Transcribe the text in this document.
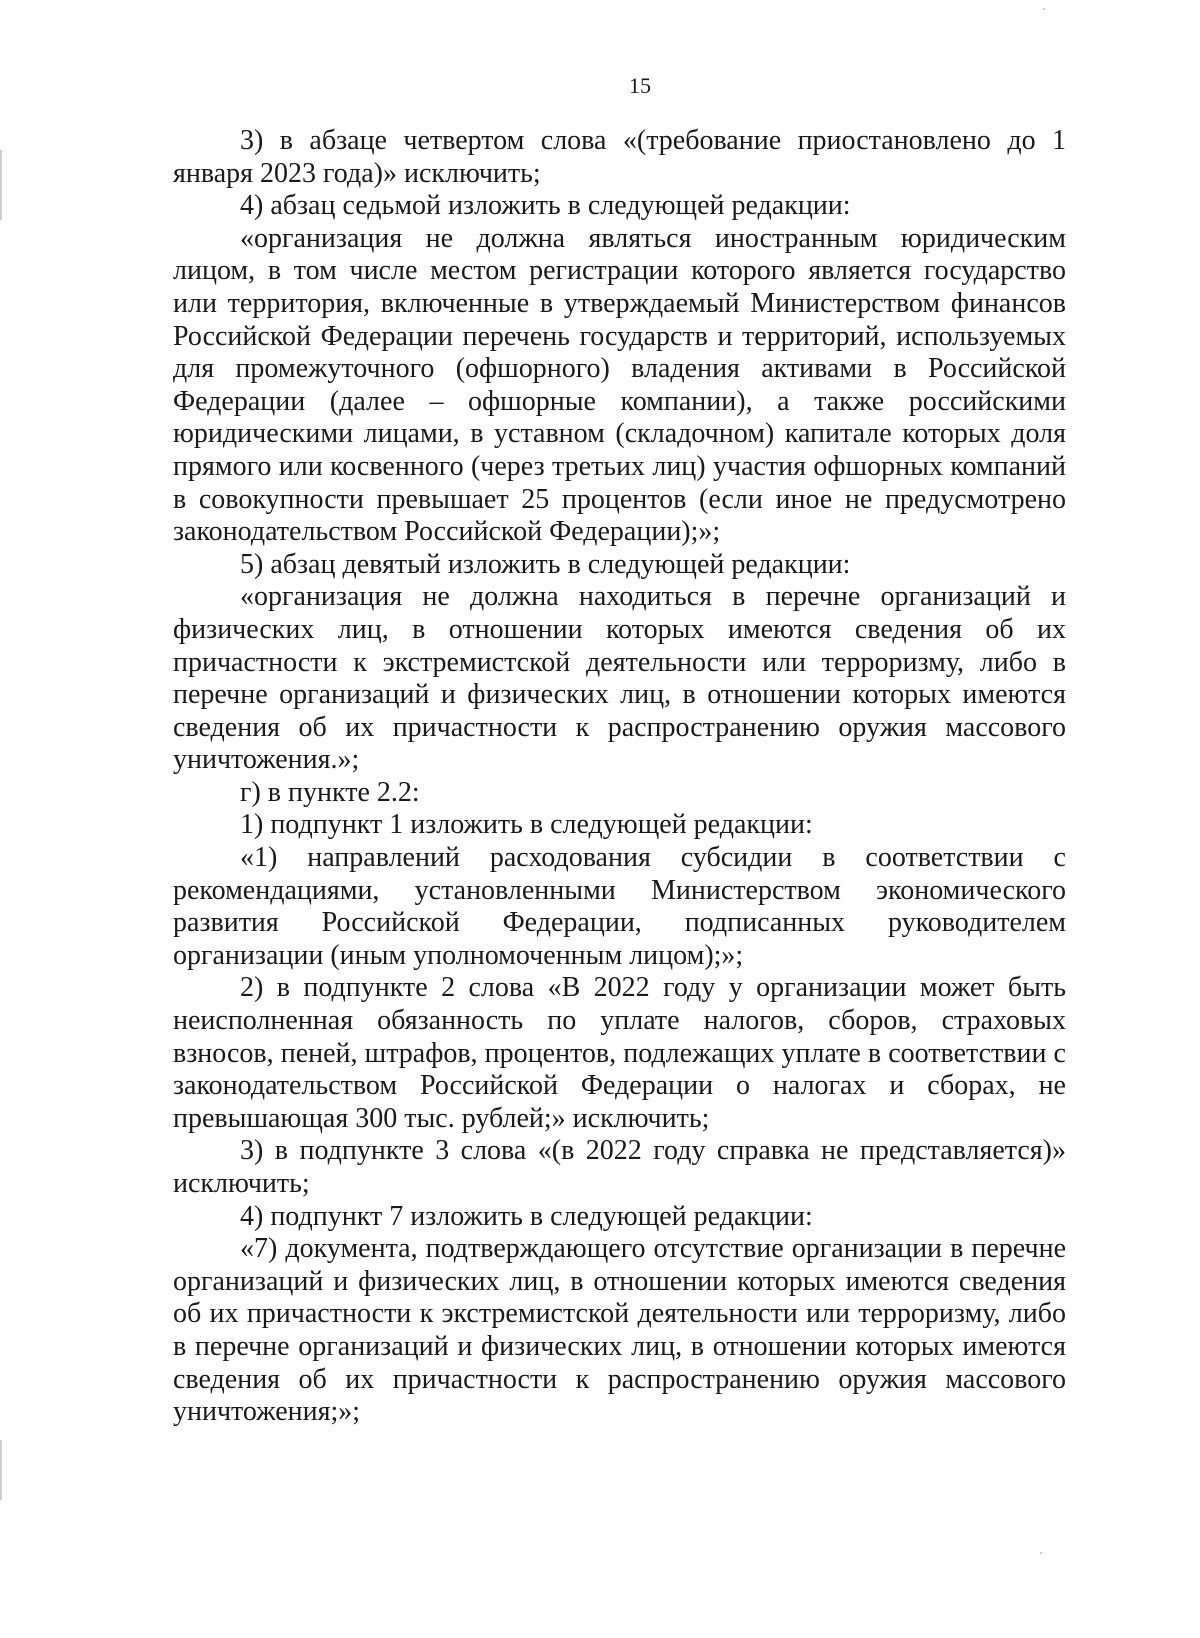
15

3) в абзаце четвертом слова «(требование приостановлено до 1 января 2023 года)» исключить;

4) абзац седьмой изложить в следующей редакции:

«организация не должна являться иностранным юридическим лицом, в том числе местом регистрации которого является государство или территория, включенные в утверждаемый Министерством финансов Российской Федерации перечень государств и территорий, используемых для промежуточного (офшорного) владения активами в Российской Федерации (далее – офшорные компании), а также российскими юридическими лицами, в уставном (складочном) капитале которых доля прямого или косвенного (через третьих лиц) участия офшорных компаний в совокупности превышает 25 процентов (если иное не предусмотрено законодательством Российской Федерации);»;

5) абзац девятый изложить в следующей редакции:

«организация не должна находиться в перечне организаций и физических лиц, в отношении которых имеются сведения об их причастности к экстремистской деятельности или терроризму, либо в перечне организаций и физических лиц, в отношении которых имеются сведения об их причастности к распространению оружия массового уничтожения.»;

г) в пункте 2.2:

1) подпункт 1 изложить в следующей редакции:

«1) направлений расходования субсидии в соответствии с рекомендациями, установленными Министерством экономического развития Российской Федерации, подписанных руководителем организации (иным уполномоченным лицом);»;

2) в подпункте 2 слова «В 2022 году у организации может быть неисполненная обязанность по уплате налогов, сборов, страховых взносов, пеней, штрафов, процентов, подлежащих уплате в соответствии с законодательством Российской Федерации о налогах и сборах, не превышающая 300 тыс. рублей;» исключить;

3) в подпункте 3 слова «(в 2022 году справка не представляется)» исключить;

4) подпункт 7 изложить в следующей редакции:

«7) документа, подтверждающего отсутствие организации в перечне организаций и физических лиц, в отношении которых имеются сведения об их причастности к экстремистской деятельности или терроризму, либо в перечне организаций и физических лиц, в отношении которых имеются сведения об их причастности к распространению оружия массового уничтожения;»;
